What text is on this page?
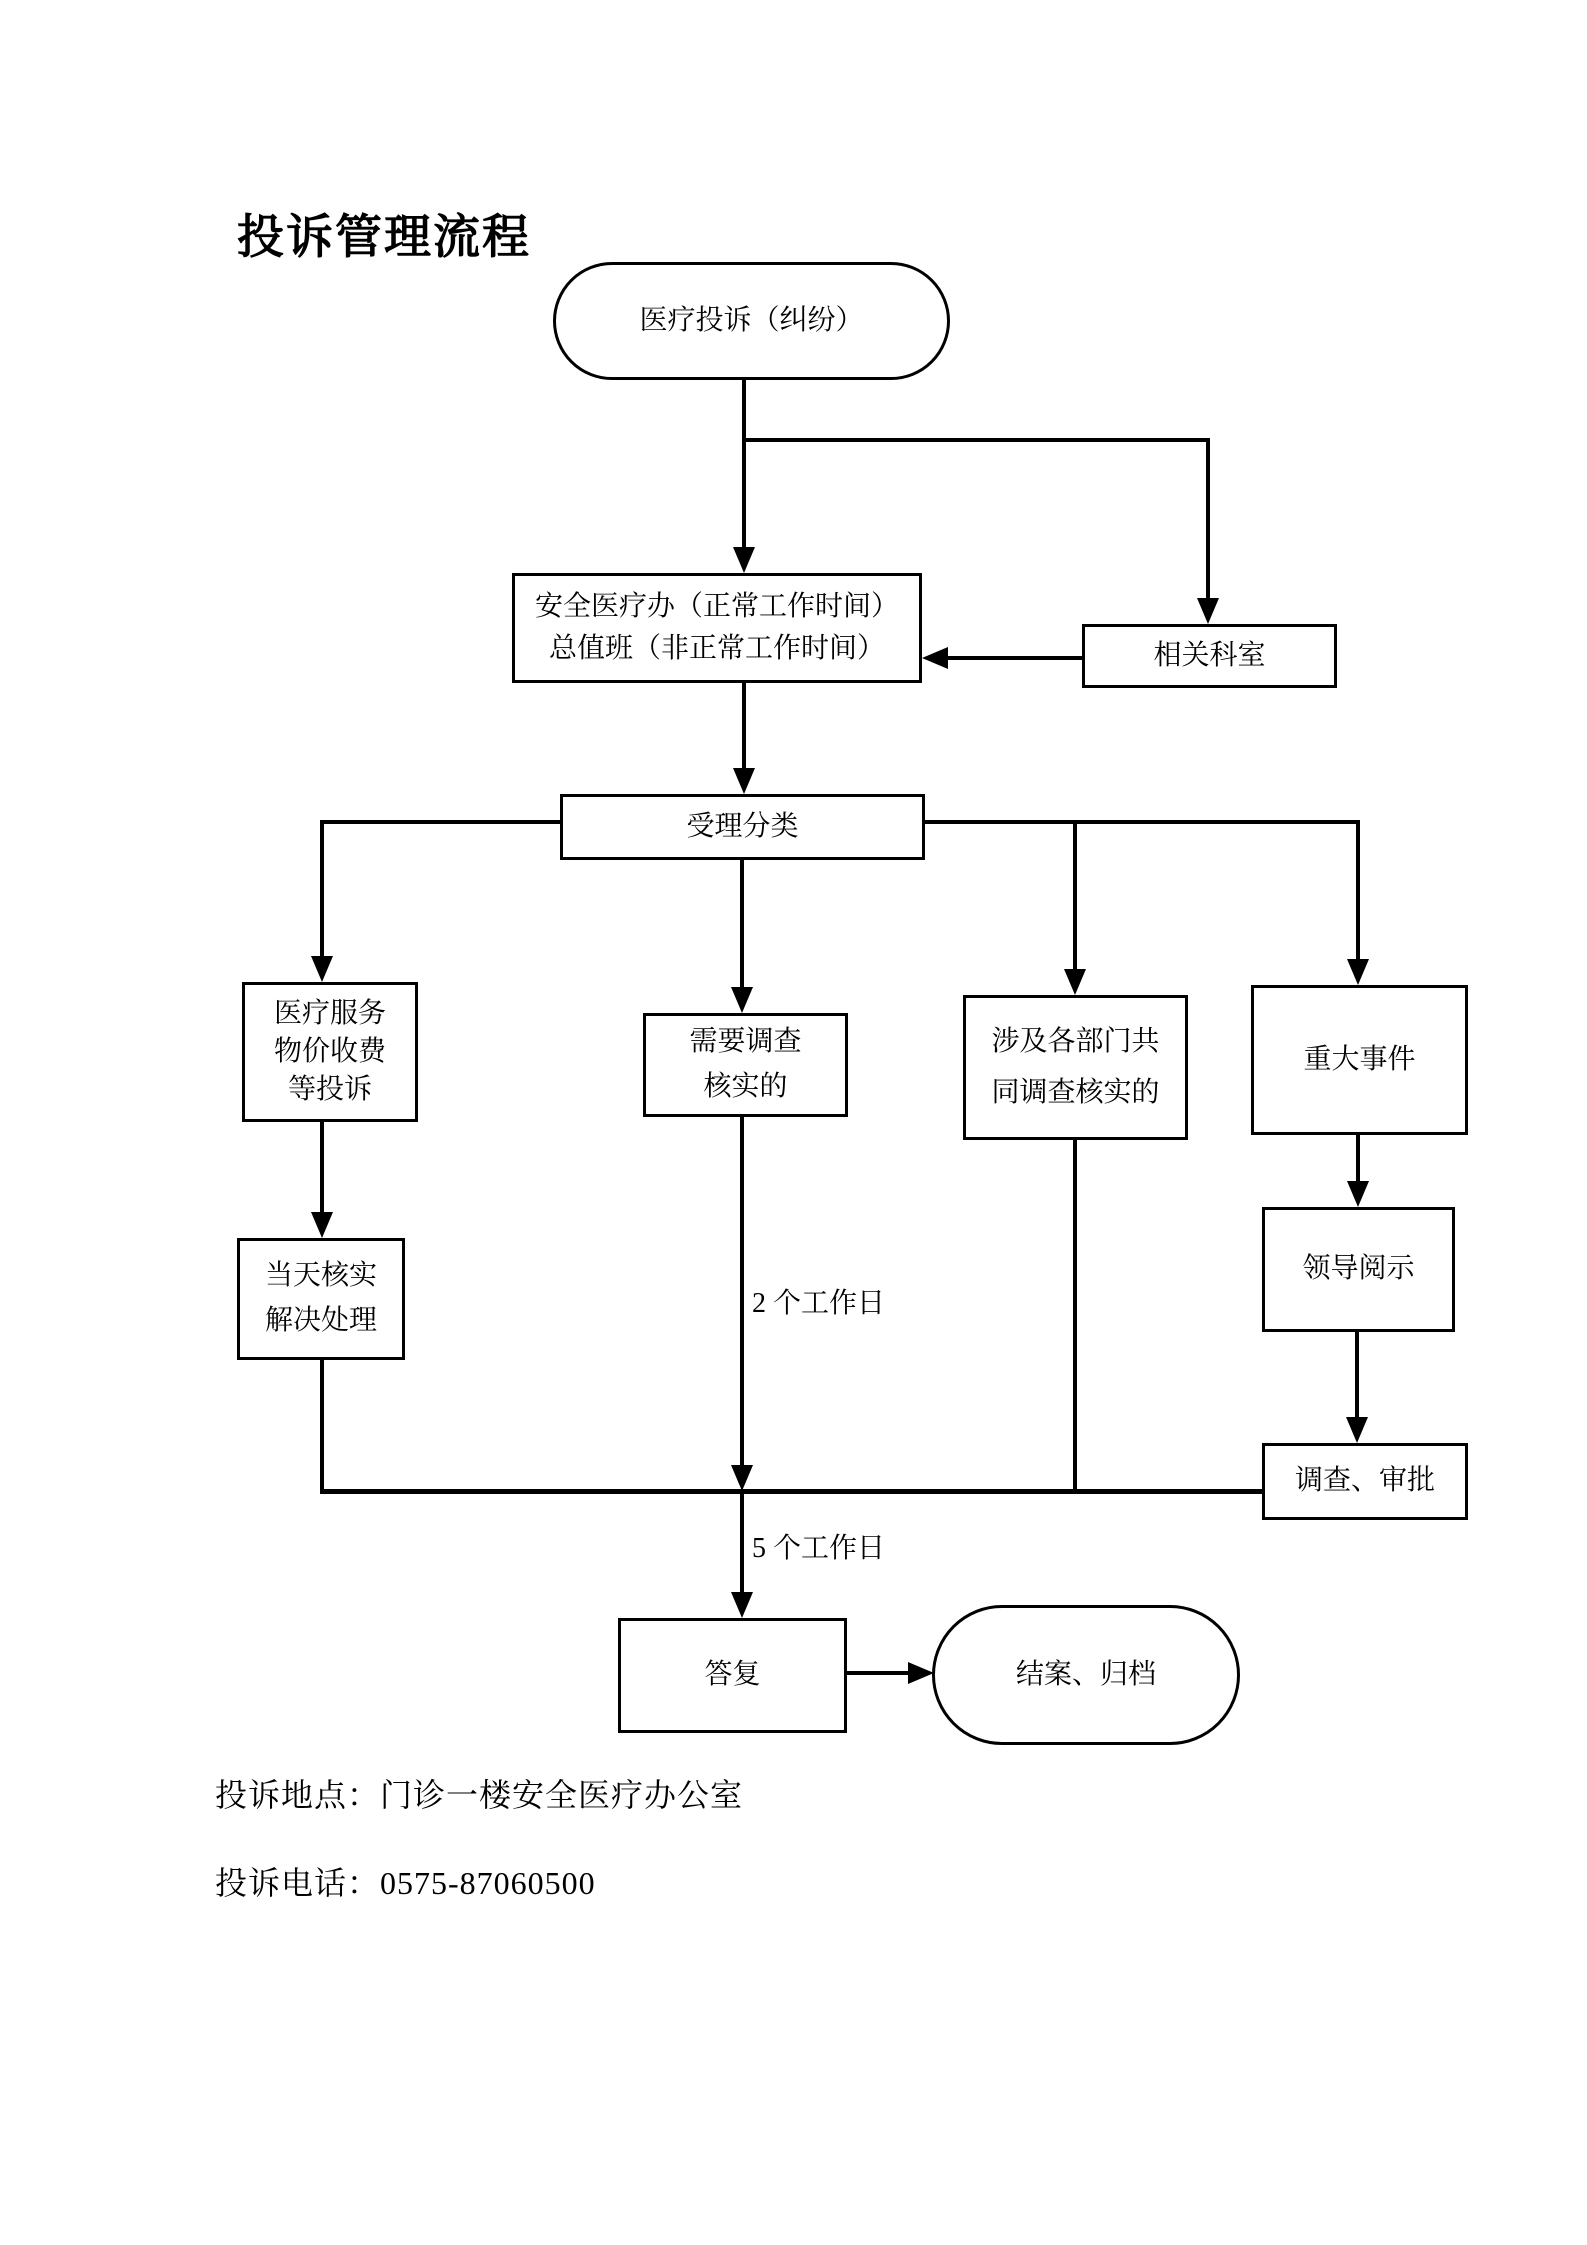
投诉管理流程
医疗投诉（纠纷）
安全医疗办（正常工作时间）
总值班（非正常工作时间）	相关科室
受理分类
医疗服务
物价收费
等投诉
需要调查
核实的
涉及各部门共
同调查核实的
重大事件
当天核实
解决处理
2 个工作日
领导阅示
调查、审批
5 个工作日
答复	结案、归档
投诉地点：门诊一楼安全医疗办公室
投诉电话：0575-87060500
